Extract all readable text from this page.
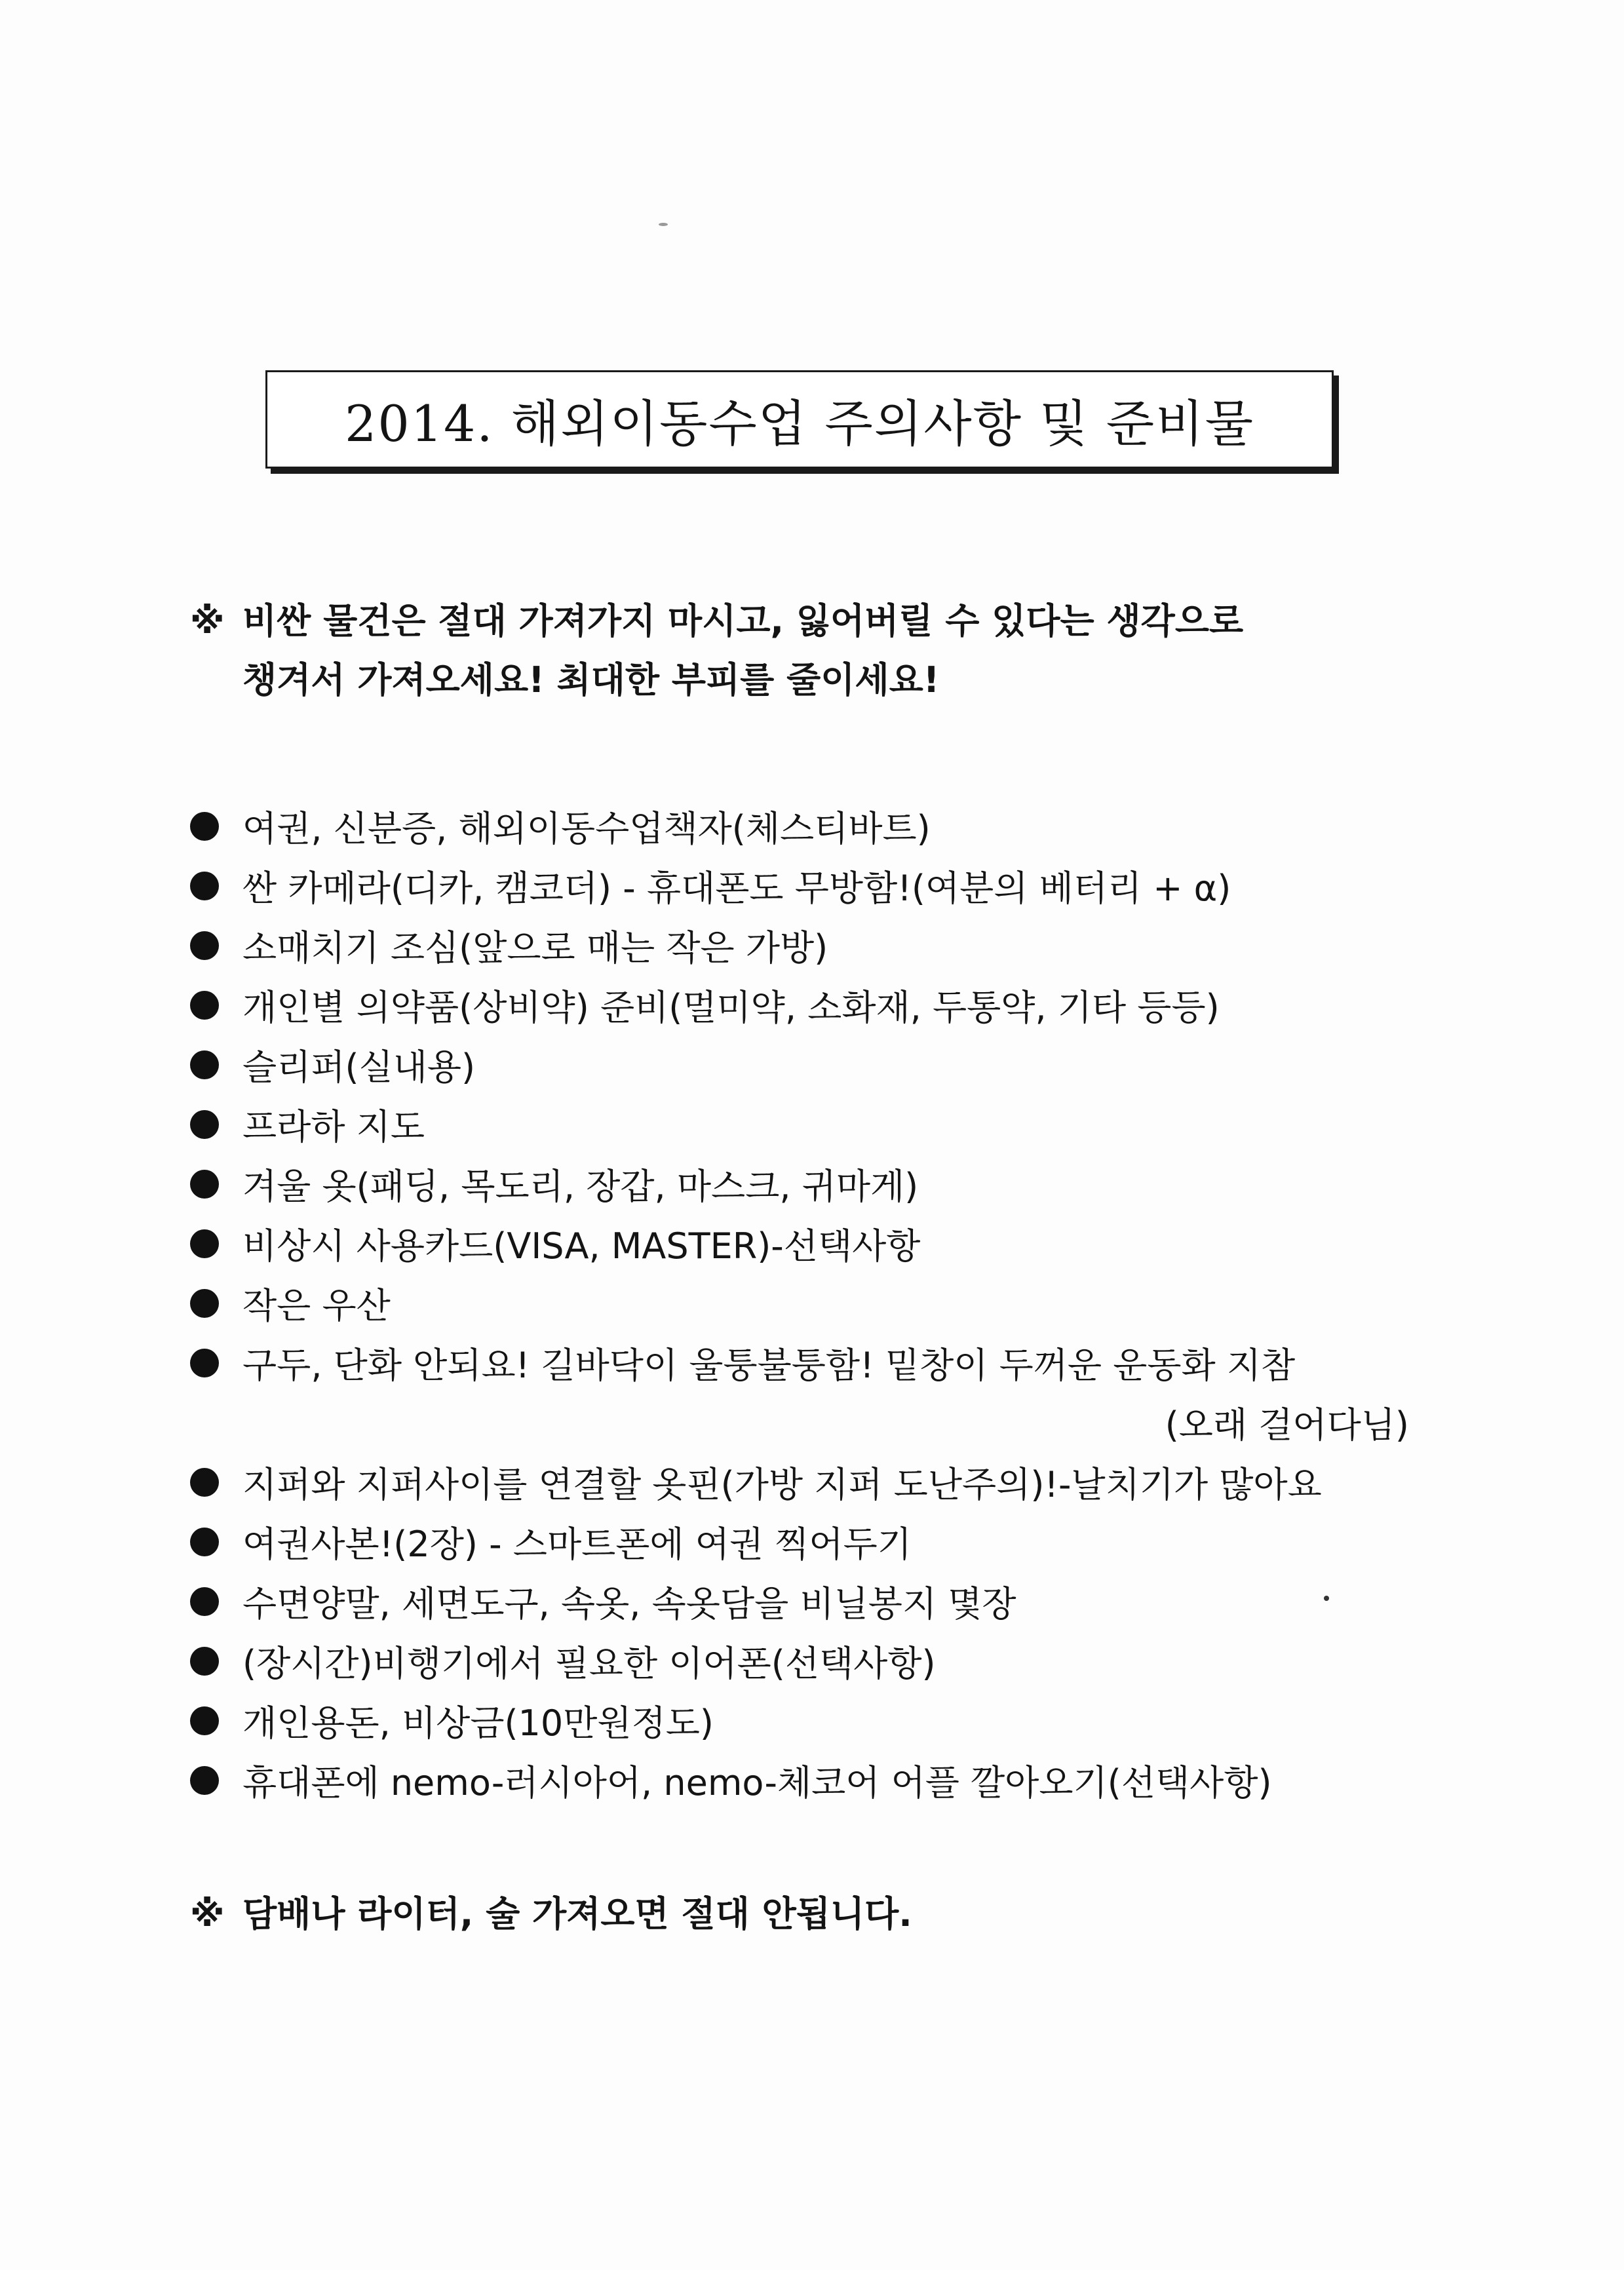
2014. 해외이동수업 주의사항 및 준비물
※ 비싼 물건은 절대 가져가지 마시고, 잃어버릴 수 있다는 생각으로
챙겨서 가져오세요! 최대한 부피를 줄이세요!
여권, 신분증, 해외이동수업책자(체스티바트)
싼 카메라(디카, 캠코더) - 휴대폰도 무방함!(여분의 베터리 + α)
소매치기 조심(앞으로 매는 작은 가방)
개인별 의약품(상비약) 준비(멀미약, 소화재, 두통약, 기타 등등)
슬리퍼(실내용)
프라하 지도
겨울 옷(패딩, 목도리, 장갑, 마스크, 귀마게)
비상시 사용카드(VISA, MASTER)-선택사항
작은 우산
구두, 단화 안되요! 길바닥이 울퉁불퉁함! 밑창이 두꺼운 운동화 지참
(오래 걸어다님)
지퍼와 지퍼사이를 연결할 옷핀(가방 지퍼 도난주의)!-날치기가 많아요
여권사본!(2장) - 스마트폰에 여권 찍어두기
수면양말, 세면도구, 속옷, 속옷담을 비닐봉지 몇장
(장시간)비행기에서 필요한 이어폰(선택사항)
개인용돈, 비상금(10만원정도)
휴대폰에 nemo-러시아어, nemo-체코어 어플 깔아오기(선택사항)
※ 담배나 라이터, 술 가져오면 절대 안됩니다.
